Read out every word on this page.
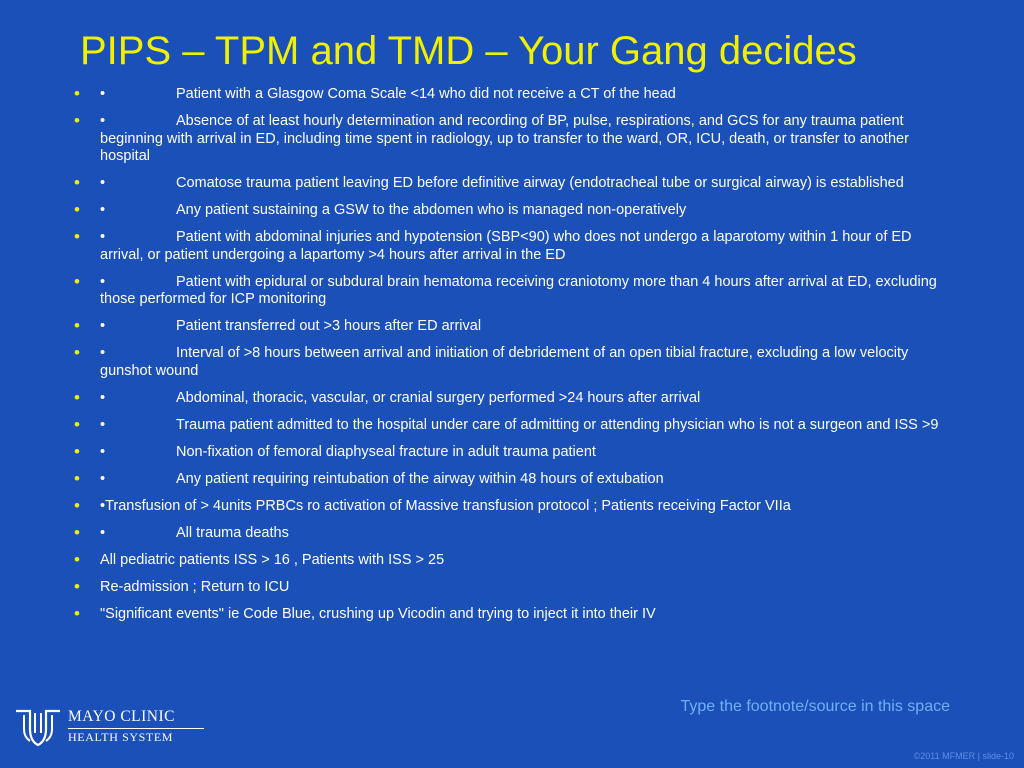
PIPS – TPM and TMD – Your Gang decides
• •	Patient with a Glasgow Coma Scale <14 who did not receive a CT of the head
• •	Absence of at least hourly determination and recording of BP, pulse, respirations, and GCS for any trauma patient beginning with arrival in ED, including time spent in radiology, up to transfer to the ward, OR, ICU, death, or transfer to another hospital
• •	Comatose trauma patient leaving ED before definitive airway (endotracheal tube or surgical airway) is established
• •	Any patient sustaining a GSW to the abdomen who is managed non-operatively
• •	Patient with abdominal injuries and hypotension (SBP<90) who does not undergo a laparotomy within 1 hour of ED arrival, or patient undergoing a lapartomy >4 hours after arrival in the ED
• •	Patient with epidural or subdural brain hematoma receiving craniotomy more than 4 hours after arrival at ED, excluding those performed for ICP monitoring
• •	Patient transferred out >3 hours after ED arrival
• •	Interval of >8 hours between arrival and initiation of debridement of an open tibial fracture, excluding a low velocity gunshot wound
• •	Abdominal, thoracic, vascular, or cranial surgery performed >24 hours after arrival
• •	Trauma patient admitted to the hospital under care of admitting or attending physician who is not a surgeon and ISS >9
• •	Non-fixation of femoral diaphyseal fracture in adult trauma patient
• •	Any patient requiring reintubation of the airway within 48 hours of extubation
• •Transfusion of > 4units PRBCs ro activation of Massive transfusion protocol ; Patients receiving Factor VIIa
• •	All trauma deaths
• All pediatric patients ISS > 16 , Patients with ISS > 25
• Re-admission ; Return to ICU
• "Significant events" ie Code Blue, crushing up Vicodin and trying to inject it into their IV
Type the footnote/source in this space
MAYO CLINIC
HEALTH SYSTEM
©2011 MFMER | slide-10
